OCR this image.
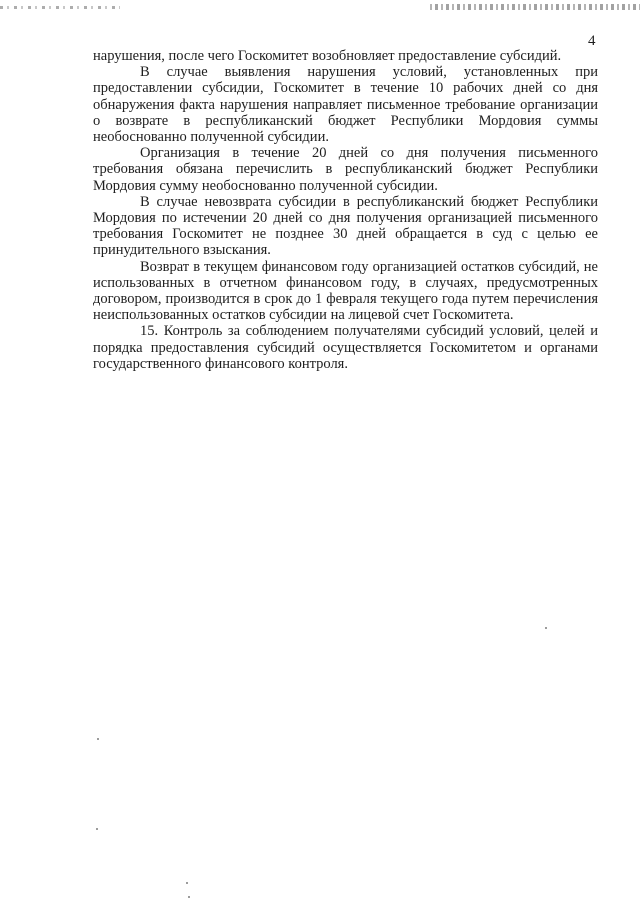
4

нарушения, после чего Госкомитет возобновляет предоставление субсидий.

В случае выявления нарушения условий, установленных при предоставлении субсидии, Госкомитет в течение 10 рабочих дней со дня обнаружения факта нарушения направляет письменное требование организации о возврате в республиканский бюджет Республики Мордовия суммы необоснованно полученной субсидии.

Организация в течение 20 дней со дня получения письменного требования обязана перечислить в республиканский бюджет Республики Мордовия сумму необоснованно полученной субсидии.

В случае невозврата субсидии в республиканский бюджет Республики Мордовия по истечении 20 дней со дня получения организацией письменного требования Госкомитет не позднее 30 дней обращается в суд с целью ее принудительного взыскания.

Возврат в текущем финансовом году организацией остатков субсидий, не использованных в отчетном финансовом году, в случаях, предусмотренных договором, производится в срок до 1 февраля текущего года путем перечисления неиспользованных остатков субсидии на лицевой счет Госкомитета.

15. Контроль за соблюдением получателями субсидий условий, целей и порядка предоставления субсидий осуществляется Госкомитетом и органами государственного финансового контроля.
